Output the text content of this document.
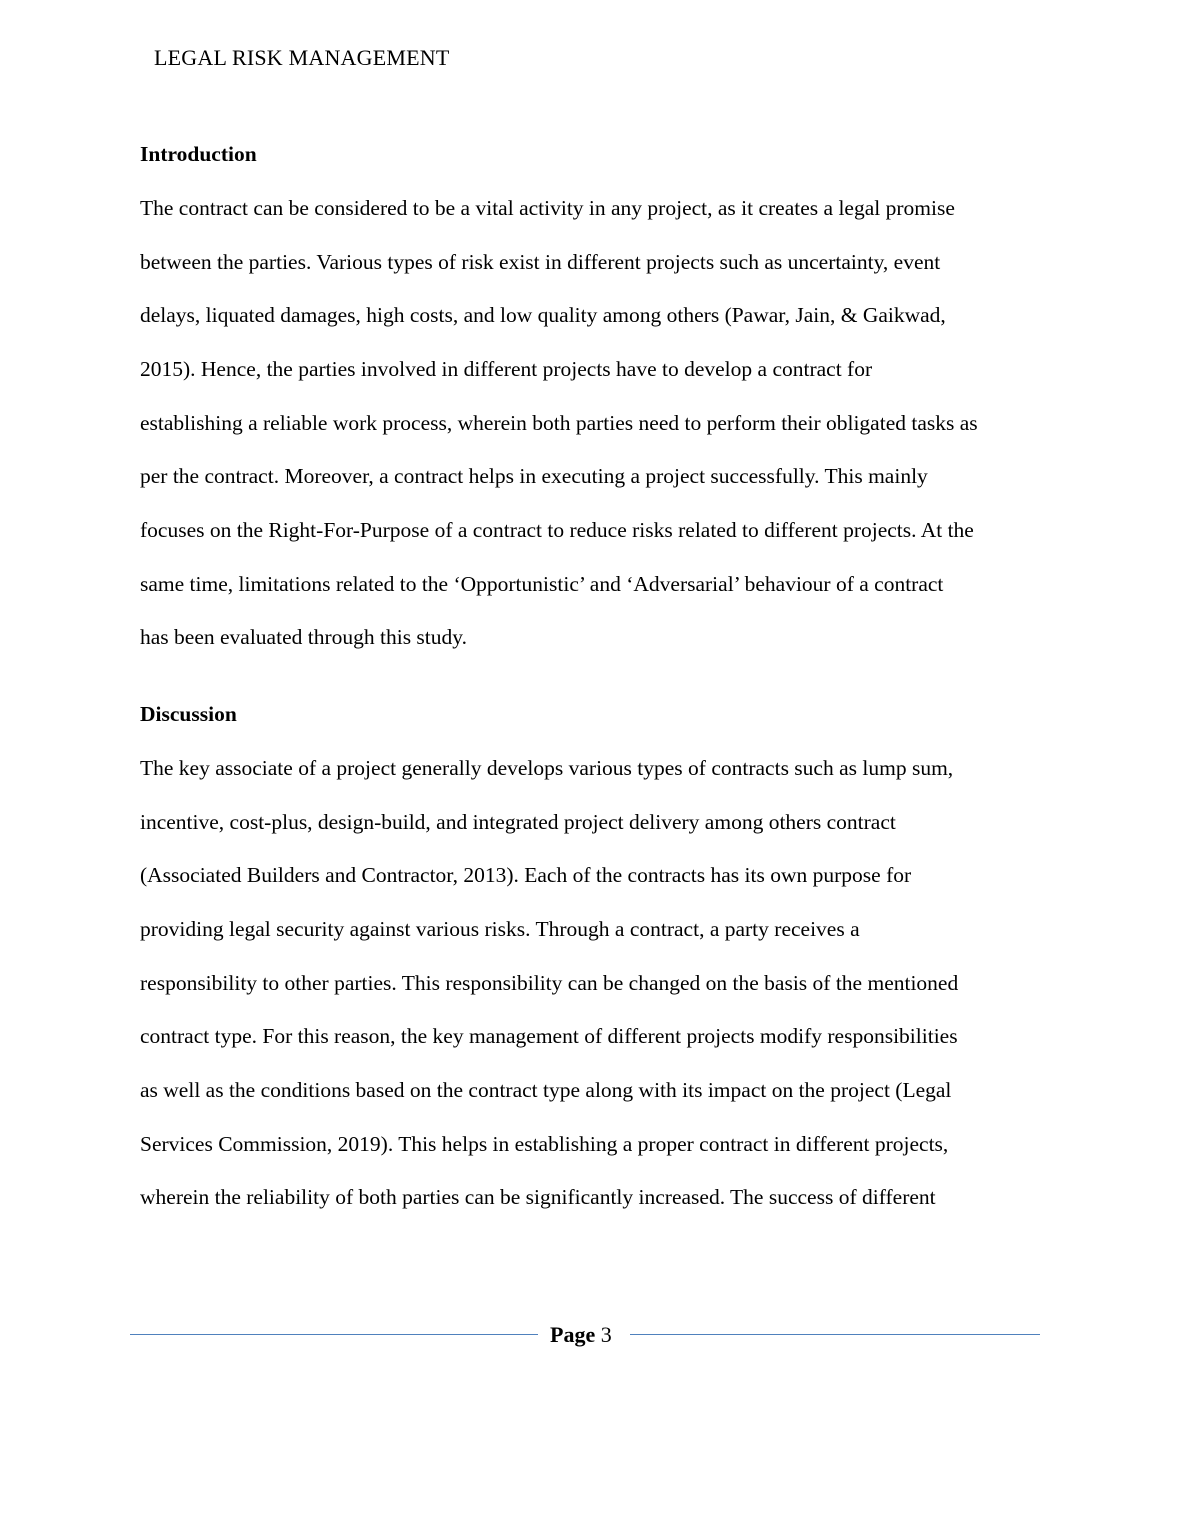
LEGAL RISK MANAGEMENT
Introduction
The contract can be considered to be a vital activity in any project, as it creates a legal promise
between the parties. Various types of risk exist in different projects such as uncertainty, event
delays, liquated damages, high costs, and low quality among others (Pawar, Jain, & Gaikwad,
2015). Hence, the parties involved in different projects have to develop a contract for
establishing a reliable work process, wherein both parties need to perform their obligated tasks as
per the contract. Moreover, a contract helps in executing a project successfully. This mainly
focuses on the Right-For-Purpose of a contract to reduce risks related to different projects. At the
same time, limitations related to the ‘Opportunistic’ and ‘Adversarial’ behaviour of a contract
has been evaluated through this study.
Discussion
The key associate of a project generally develops various types of contracts such as lump sum,
incentive, cost-plus, design-build, and integrated project delivery among others contract
(Associated Builders and Contractor, 2013). Each of the contracts has its own purpose for
providing legal security against various risks. Through a contract, a party receives a
responsibility to other parties. This responsibility can be changed on the basis of the mentioned
contract type. For this reason, the key management of different projects modify responsibilities
as well as the conditions based on the contract type along with its impact on the project (Legal
Services Commission, 2019). This helps in establishing a proper contract in different projects,
wherein the reliability of both parties can be significantly increased. The success of different
Page 3
